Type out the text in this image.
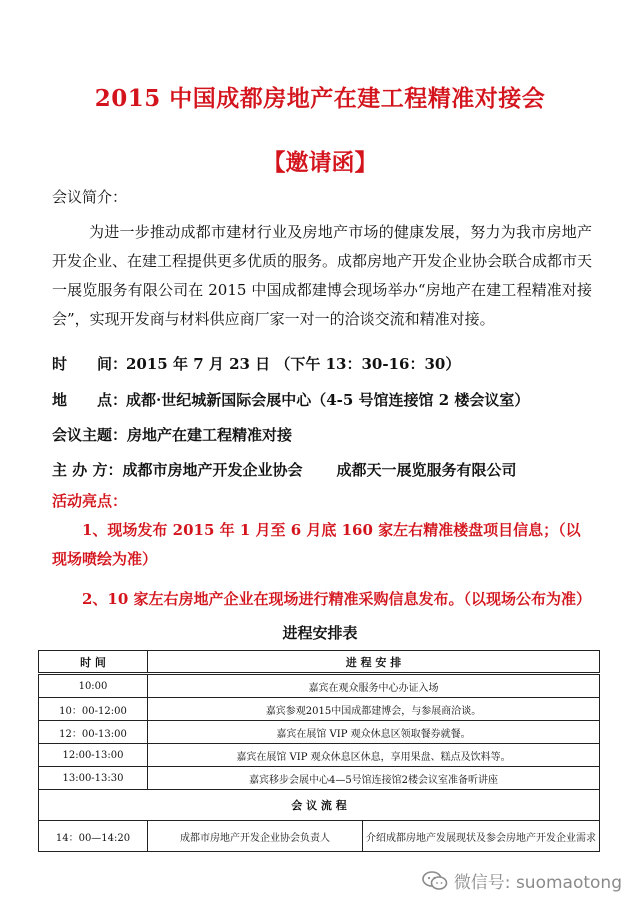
2015 中国成都房地产在建工程精准对接会
【邀请函】
会议简介：
为进一步推动成都市建材行业及房地产市场的健康发展，努力为我市房地产开发企业、在建工程提供更多优质的服务。成都房地产开发企业协会联合成都市天一展览服务有限公司在 2015 中国成都建博会现场举办“房地产在建工程精准对接会”，实现开发商与材料供应商厂家一对一的洽谈交流和精准对接。
时　　间：2015 年 7 月 23 日 （下午 13：30-16：30）
地　　点：成都·世纪城新国际会展中心（4-5 号馆连接馆 2 楼会议室）
会议主题：房地产在建工程精准对接
主 办 方：成都市房地产开发企业协会 成都天一展览服务有限公司
活动亮点：
1、现场发布 2015 年 1 月至 6 月底 160 家左右精准楼盘项目信息；（以现场喷绘为准）
2、10 家左右房地产企业在现场进行精准采购信息发布。（以现场公布为准）
进程安排表
时 间	进 程 安 排	
10:00	嘉宾在观众服务中心办证入场	
10：00-12:00	嘉宾参观2015中国成都建博会，与参展商洽谈。	
12：00-13:00	嘉宾在展馆 VIP 观众休息区领取餐券就餐。	
12:00-13:00	嘉宾在展馆 VIP 观众休息区休息，享用果盘、糕点及饮料等。	
13:00-13:30	嘉宾移步会展中心4—5号馆连接馆2楼会议室准备听讲座	
会 议 流 程		
14：00—14:20	成都市房地产开发企业协会负责人	介绍成都房地产发展现状及参会房地产开发企业需求
微信号: suomaotong
